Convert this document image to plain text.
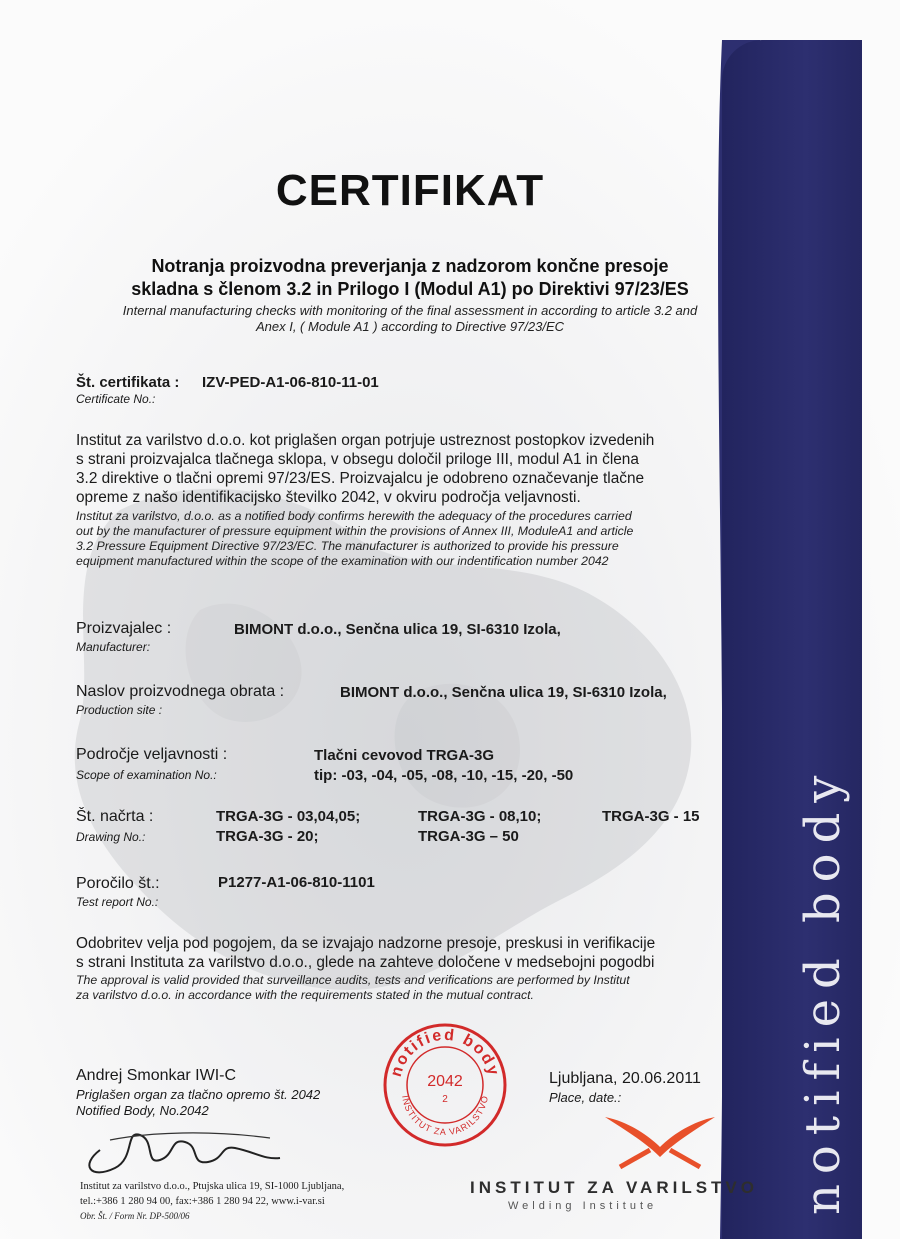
notified body
CERTIFIKAT
Notranja proizvodna preverjanja z nadzorom končne presoje
skladna s členom 3.2 in Prilogo I (Modul A1) po Direktivi 97/23/ES
Internal manufacturing checks with monitoring of the final assessment in according to article 3.2 and
Anex I, ( Module A1 ) according to Directive 97/23/EC
Št. certifikata : IZV-PED-A1-06-810-11-01
Certificate No.:
Institut za varilstvo d.o.o. kot priglašen organ potrjuje ustreznost postopkov izvedenih
s strani proizvajalca tlačnega sklopa, v obsegu določil priloge III, modul A1 in člena
3.2 direktive o tlačni opremi 97/23/ES. Proizvajalcu je odobreno označevanje tlačne
opreme z našo identifikacijsko številko 2042, v okviru področja veljavnosti.
Institut za varilstvo, d.o.o. as a notified body confirms herewith the adequacy of the procedures carried
out by the manufacturer of pressure equipment within the provisions of Annex III, ModuleA1 and article
3.2 Pressure Equipment Directive 97/23/EC. The manufacturer is authorized to provide his pressure
equipment manufactured within the scope of the examination with our indentification number 2042
Proizvajalec :
Manufacturer:
BIMONT d.o.o., Senčna ulica 19, SI-6310 Izola,
Naslov proizvodnega obrata :
Production site :
BIMONT d.o.o., Senčna ulica 19, SI-6310 Izola,
Področje veljavnosti :
Scope of examination No.:
Tlačni cevovod TRGA-3G
tip: -03, -04, -05, -08, -10, -15, -20, -50
Št. načrta :
Drawing No.:
TRGA-3G - 03,04,05;	TRGA-3G - 08,10;	TRGA-3G - 15
TRGA-3G - 20;	TRGA-3G – 50
Poročilo št.:
Test report No.:
P1277-A1-06-810-1101
Odobritev velja pod pogojem, da se izvajajo nadzorne presoje, preskusi in verifikacije
s strani Instituta za varilstvo d.o.o., glede na zahteve določene v medsebojni pogodbi
The approval is valid provided that surveillance audits, tests and verifications are performed by Institut
za varilstvo d.o.o. in accordance with the requirements stated in the mutual contract.
Andrej Smonkar IWI-C
Priglašen organ za tlačno opremo št. 2042
Notified Body, No.2042
notified body
INSTITUT ZA VARILSTVO
2042
2
Ljubljana, 20.06.2011
Place, date.:
INSTITUT ZA VARILSTVO
Welding Institute
Institut za varilstvo d.o.o., Ptujska ulica 19, SI-1000 Ljubljana,
tel.:+386 1 280 94 00, fax:+386 1 280 94 22, www.i-var.si
Obr. Št. / Form Nr. DP-500/06
